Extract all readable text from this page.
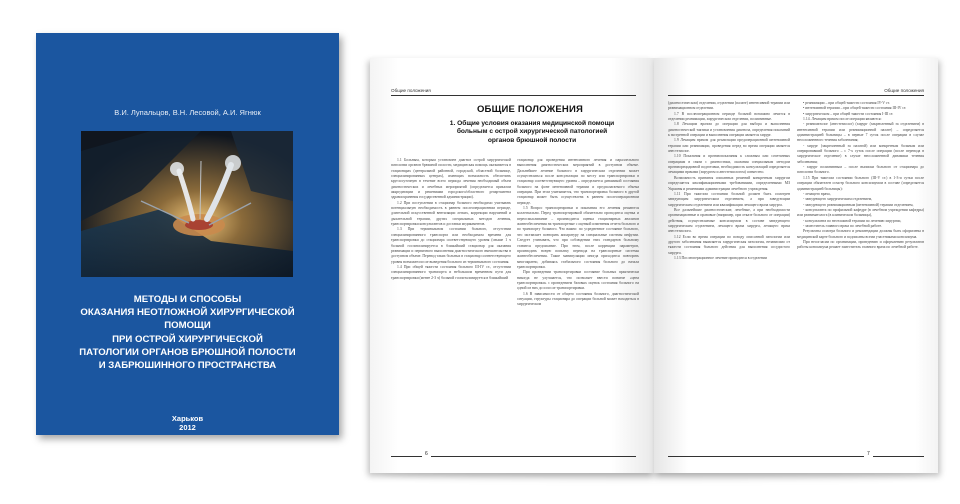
В.И. Лупальцов, В.Н. Лесовой, А.И. Ягнюк
МЕТОДЫ И СПОСОБЫ
ОКАЗАНИЯ НЕОТЛОЖНОЙ ХИРУРГИЧЕСКОЙ ПОМОЩИ
ПРИ ОСТРОЙ ХИРУРГИЧЕСКОЙ
ПАТОЛОГИИ ОРГАНОВ БРЮШНОЙ ПОЛОСТИ
И ЗАБРЮШИННОГО ПРОСТРАНСТВА
Харьков
2012
Общие положения
ОБЩИЕ ПОЛОЖЕНИЯ
1. Общие условия оказания медицинской помощи
больным с острой хирургической патологией
органов брюшной полости

1.1 Больным, которым установлен диагноз острой хирургической патологии органов брюшной полости, медицинская помощь оказывается в стационарах (центральной районной, городской, областной больнице, специализированных центрах), имеющих возможность обеспечить круглосуточную в течение всего периода лечения необходимый объем диагностических и лечебных мероприятий (определяется приказом аккредитации и решениями городского/областного департамента здравоохранения государственной администрации).

1.2 При поступлении в стационар больного необходимо учитывать потенциальную необходимость в раннем послеоперационном периоде, длительной искусственной вентиляции легких, коррекции нарушений и дыхательной терапии, других специальных методов лечения, транспортировки консультантов и доставки медикаментов.

1.3 При терминальном состоянии больного, отсутствии специализированного транспорта или необходимом времени для транспортировки до стационара соответствующего уровня (свыше 1 ч больной госпитализируется в ближайший стационар для оказания реанимации и первичного выполнения диагностического вмешательства в доступном объеме. Перевод таких больных в стационар соответствующего уровня возможен после выведения больного из терминального состояния.

1.4 При общей тяжести состояния больного III-IV ст., отсутствии специализированного транспорта и небольшом временном пути для транспортировки (менее 2-3 ч) больной госпитализируется в ближайший

стационар для проведения интенсивного лечения и параллельного выполнения диагностических мероприятий в доступном объеме. Дальнейшее лечение больного в хирургическом отделении может осуществляться после консультации по месту или транспортировки в стационар соответствующего уровня – определяется динамикой состояния больного на фоне интенсивной терапии и предполагаемого объема операции. При этом учитывается, что транспортировка больного в другой стационар может быть осуществлена в раннем послеоперационном периоде.

1.5 Вопрос транспортировки и показания его лечения решаются коллегиально. Перед транспортировкой обязательно проводится оценка и переосмысливание – производится оценка стационарных анализов жизнеобеспечения на транспортные с оценкой изменения отчета больного и по транспорту больного. Что важно: по усредненное состояние больного, что заставляет повторять аппаратуру на специальные системы инфузии. Следует учитывать, что при соблюдении этих стандартов больному ставится предписание. При этом, после коррекции параметров, производить новую попытку перевода на транспортные системы жизнеобеспечения. Такие манипуляции иногда приходится повторить многократно, добиваясь стабильного состояния больного до начала транспортировки.

При проведении транспортировки состояние больных практически никогда не улучшается, что позволяет ввести понятие «цена транспортировки» с проведением базовых оценок состояния больного на одной из них до и после транспортировки.

1.6 В зависимости от общего состояния больного, диагностической ситуации, структуры стационара до операции больной может находиться в хирургическом

6
Общие положения

(диагностическом) отделении, отделении (палате) интенсивной терапии или реанимационном отделении.

1.7 В послеоперационном периоде больной возможно лечится в отделении реанимации, хирургическом отделении, полиативные.

1.8 Лечащим врачом до операции для выбора и выполнения диагностической тактики и установления диагноза, определения показаний к экстренной операции и выполнения операции является хирург.

1.9 Лечащим врачом для реализации предоперационной интенсивной терапии или реанимации, проведения перед во время операции является анестезиолог.

1.10 Показания и противопоказания к сложным или сочетанных операциям в связи с диагностики, оказания специальным методом противорецидивной подготовки, необходимость консультаций определяется лечащими врачами (хирургом и анестезиологом) совместно.

Возможность принятия описанных решений конкретным хирургом определяется квалификационными требованиями, определенными МЗ Украины и решениями администрации лечебного учреждения.

1.11 При тяжелом состоянии больной должен быть осмотрен заведующим хирургическим отделением, а при заведующим хирургическим отделением или квалификации лечащего врача хирурга.

Все дальнейшие диагностические, лечебные, а при необходимости организационные и правовые (например, при отказе больного от операции) действия, осуществляемые консилиумом в составе заведующего хирургическим отделением, лечащего врача хирурга, лечащего врача анестезиолога.

1.12 Если во время операции по поводу описанной патологии или другого заболевания выявляется хирургическая патология, независимо от тяжести состояния больного действия для выполнения сосудистого хирурга.

1.13 Послеоперационное лечение проводится в отделении

• реанимации – при общей тяжести состояния IV-V ст.

• интенсивной терапии – при общей тяжести состояния III-IV ст.

• хирургическом – при общей тяжести состояния I-III ст.

1.14. Лечащим врачом после операции являются:

- реаниматолог (анестезиолог) (хирург (закрепленный за отделением) в интенсивной терапии или реанимационной палате) – определяется администрацией больницы – в первые 7 суток после операции в случае неосложненного течения заболевания;

- хирург (закрепленный за палатой) или конкретным больным или оперировавший больного – с 7-х суток после операции (после перевода в хирургическое отделение) в случае неосложненной динамики течения заболевания;

- хирург полиативным – после выписки больного от стационара до патологии больного.

1.15 При тяжелом состоянии больного (III-V ст.) в 1-3-и сутки после операции обязателен осмотр больного консилиумом в составе (определяется администрацией больницы):

- лечащего врача,

- заведующего хирургическим отделением,

- заведующего реанимационным (интенсивной) терапии отделением,

- консультанта по профильной кафедре (в лечебном учреждении кафедры) или реаниматолога (в клиническом больницы),

- консультанта по неотложной терапии по лечению хирургии,

- заместитель главного врача по лечебной работе.

Результаты осмотра больного и рекомендации должны быть оформлены в медицинской карте больного и подписаны всеми участниками консилиума.

При несогласии по организации, проведению и оформлению результатов работы консилиума решает заместитель главного врача по лечебной работе.

7
